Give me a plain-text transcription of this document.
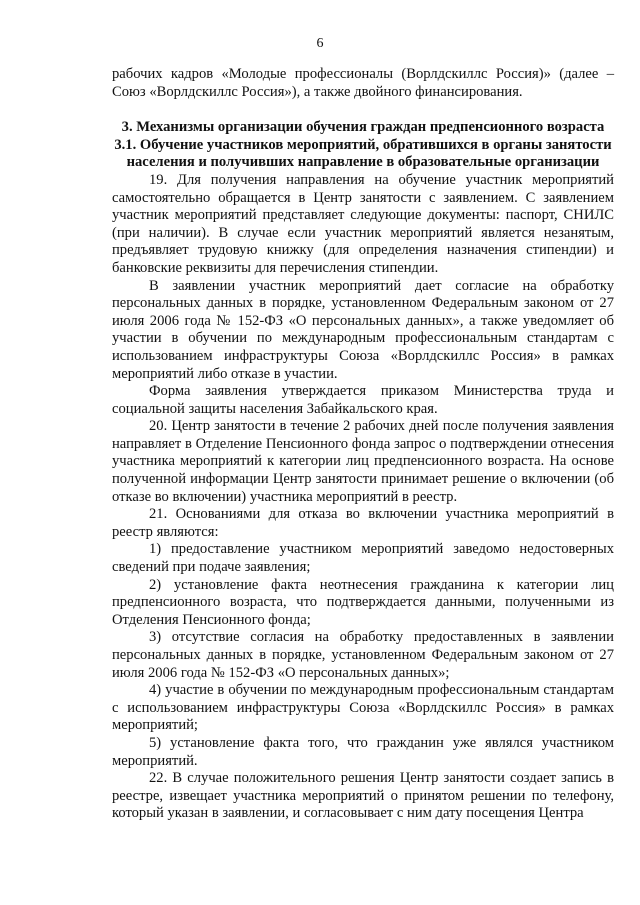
6

рабочих кадров «Молодые профессионалы (Ворлдскиллс Россия)» (далее – Союз «Ворлдскиллс Россия»), а также двойного финансирования.

3. Механизмы организации обучения граждан предпенсионного возраста

3.1. Обучение участников мероприятий, обратившихся в органы занятости населения и получивших направление в образовательные организации

19. Для получения направления на обучение участник мероприятий самостоятельно обращается в Центр занятости с заявлением. С заявлением участник мероприятий представляет следующие документы: паспорт, СНИЛС (при наличии). В случае если участник мероприятий является незанятым, предъявляет трудовую книжку (для определения назначения стипендии) и банковские реквизиты для перечисления стипендии.

В заявлении участник мероприятий дает согласие на обработку персональных данных в порядке, установленном Федеральным законом от 27 июля 2006 года № 152-ФЗ «О персональных данных», а также уведомляет об участии в обучении по международным профессиональным стандартам с использованием инфраструктуры Союза «Ворлдскиллс Россия» в рамках мероприятий либо отказе в участии.

Форма заявления утверждается приказом Министерства труда и социальной защиты населения Забайкальского края.

20. Центр занятости в течение 2 рабочих дней после получения заявления направляет в Отделение Пенсионного фонда запрос о подтверждении отнесения участника мероприятий к категории лиц предпенсионного возраста. На основе полученной информации Центр занятости принимает решение о включении (об отказе во включении) участника мероприятий в реестр.

21. Основаниями для отказа во включении участника мероприятий в реестр являются:

1) предоставление участником мероприятий заведомо недостоверных сведений при подаче заявления;

2) установление факта неотнесения гражданина к категории лиц предпенсионного возраста, что подтверждается данными, полученными из Отделения Пенсионного фонда;

3) отсутствие согласия на обработку предоставленных в заявлении персональных данных в порядке, установленном Федеральным законом от 27 июля 2006 года № 152-ФЗ «О персональных данных»;

4) участие в обучении по международным профессиональным стандартам с использованием инфраструктуры Союза «Ворлдскиллс Россия» в рамках мероприятий;

5) установление факта того, что гражданин уже являлся участником мероприятий.

22. В случае положительного решения Центр занятости создает запись в реестре, извещает участника мероприятий о принятом решении по телефону, который указан в заявлении, и согласовывает с ним дату посещения Центра
